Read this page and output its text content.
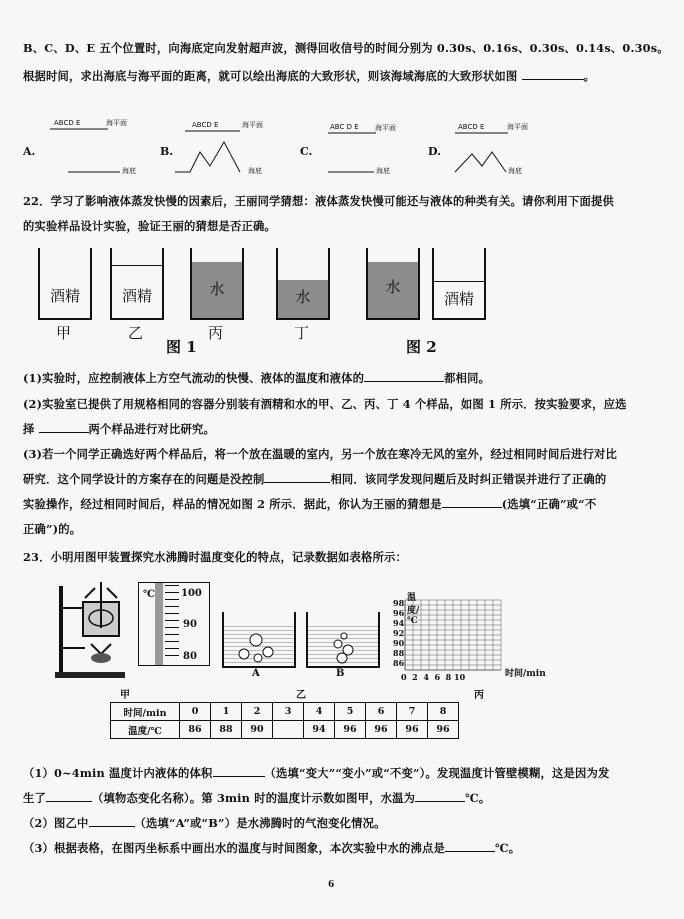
B、C、D、E 五个位置时，向海底定向发射超声波，测得回收信号的时间分别为 0.30s、0.16s、0.30s、0.14s、0.30s。
根据时间，求出海底与海平面的距离，就可以绘出海底的大致形状，则该海域海底的大致形状如图	。
A.
ABCD E	海平面
海底
B.
ABCD E	海平面
海底
C.
ABC D E 海平面
海底
D.
ABCD E	海平面
海底
22．学习了影响液体蒸发快慢的因素后，王丽同学猜想：液体蒸发快慢可能还与液体的种类有关。请你利用下面提供
的实验样品设计实验，验证王丽的猜想是否正确。
酒精	酒精	水	水
甲	乙	丙	丁
图 1
水
酒精
图 2
(1)实验时，应控制液体上方空气流动的快慢、液体的温度和液体的	都相同。
(2)实验室已提供了用规格相同的容器分别装有酒精和水的甲、乙、丙、丁 4 个样品，如图 1 所示．按实验要求，应选
择	两个样品进行对比研究。
(3)若一个同学正确选好两个样品后，将一个放在温暖的室内，另一个放在寒冷无风的室外，经过相同时间后进行对比
研究．这个同学设计的方案存在的问题是没控制	相同．该同学发现问题后及时纠正错误并进行了正确的
实验操作，经过相同时间后，样品的情况如图 2 所示．据此，你认为王丽的猜想是	(选填“正确”或“不
正确”)的。
23．小明用图甲装置探究水沸腾时温度变化的特点，记录数据如表格所示：
℃	100
90
80
A	B
温度/℃
98
96
94
92
90
88
86
0 2 4 6 8 10	时间/min
甲	乙	丙
时间/min	0	1	2	3	4	5	6	7	8
温度/℃	86	88	90		94	96	96	96	96
（1）0~4min 温度计内液体的体积	（选填“变大”“变小”或“不变”）。发现温度计管壁模糊，这是因为发
生了	（填物态变化名称）。第 3min 时的温度计示数如图甲，水温为	℃。
（2）图乙中	（选填“A”或“B”）是水沸腾时的气泡变化情况。
（3）根据表格，在图丙坐标系中画出水的温度与时间图象，本次实验中水的沸点是	℃。
6
